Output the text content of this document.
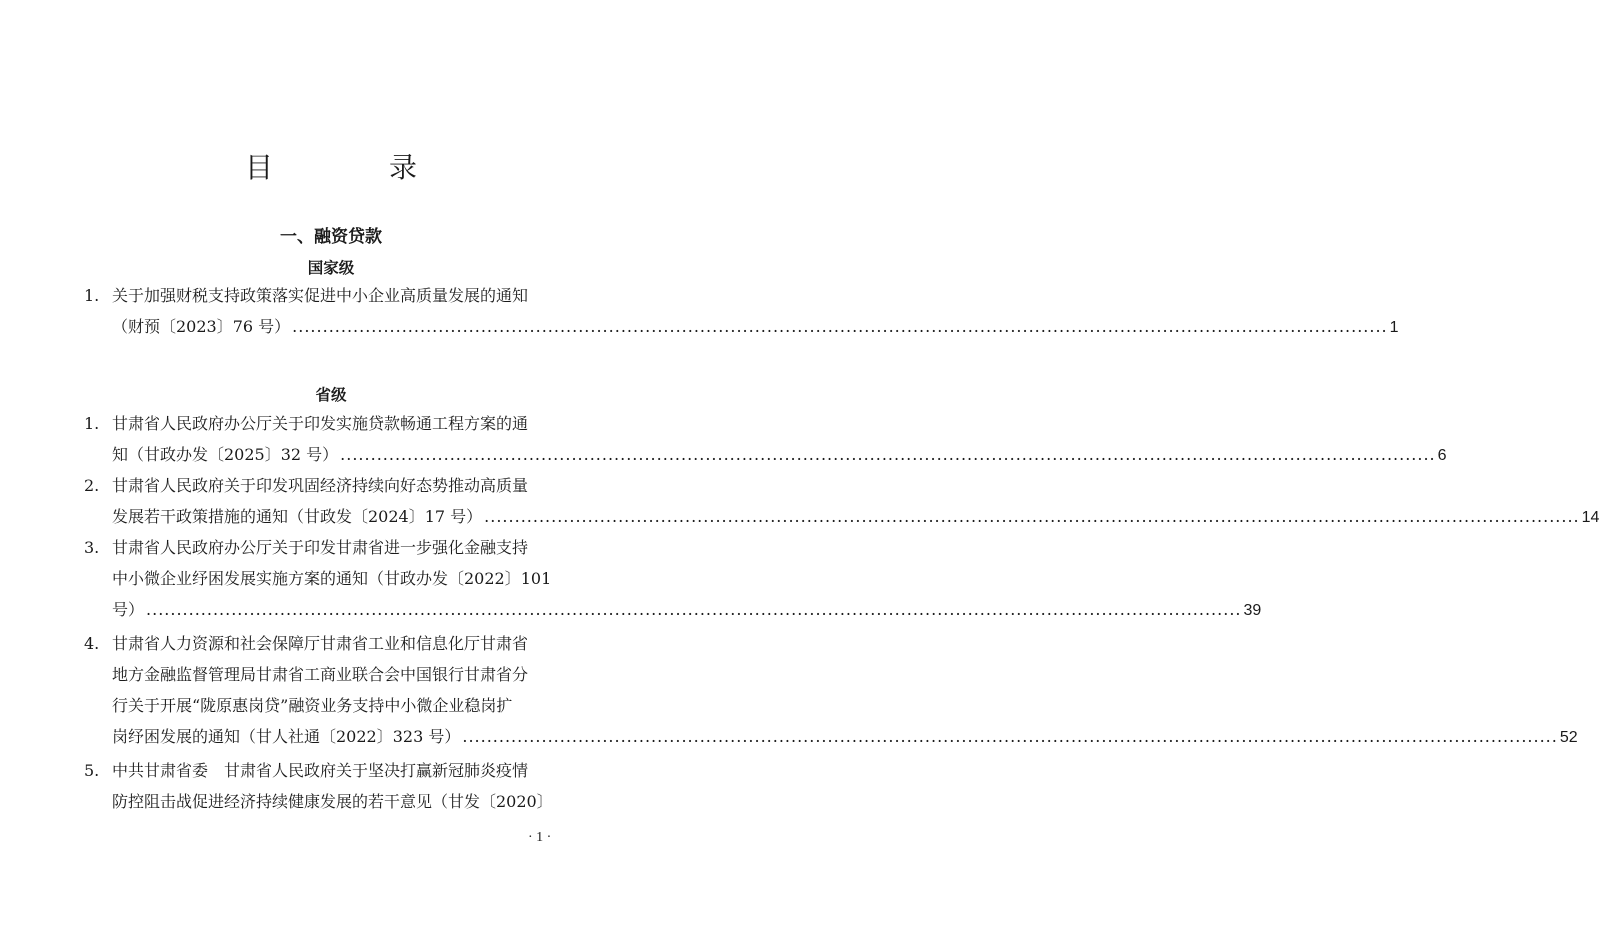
目　录
一、融资贷款
国家级
1. 关于加强财税支持政策落实促进中小企业高质量发展的通知
（财预〔2023〕76 号） .....	1
省级
1. 甘肃省人民政府办公厅关于印发实施贷款畅通工程方案的通
知（甘政办发〔2025〕32 号） .....	6
2. 甘肃省人民政府关于印发巩固经济持续向好态势推动高质量
发展若干政策措施的通知（甘政发〔2024〕17 号） .....	14
3. 甘肃省人民政府办公厅关于印发甘肃省进一步强化金融支持
中小微企业纾困发展实施方案的通知（甘政办发〔2022〕101
号） .....	39
4. 甘肃省人力资源和社会保障厅甘肃省工业和信息化厅甘肃省
地方金融监督管理局甘肃省工商业联合会中国银行甘肃省分
行关于开展“陇原惠岗贷”融资业务支持中小微企业稳岗扩
岗纾困发展的通知（甘人社通〔2022〕323 号） .....	52
5. 中共甘肃省委　甘肃省人民政府关于坚决打赢新冠肺炎疫情
防控阻击战促进经济持续健康发展的若干意见（甘发〔2020〕
· 1 ·
